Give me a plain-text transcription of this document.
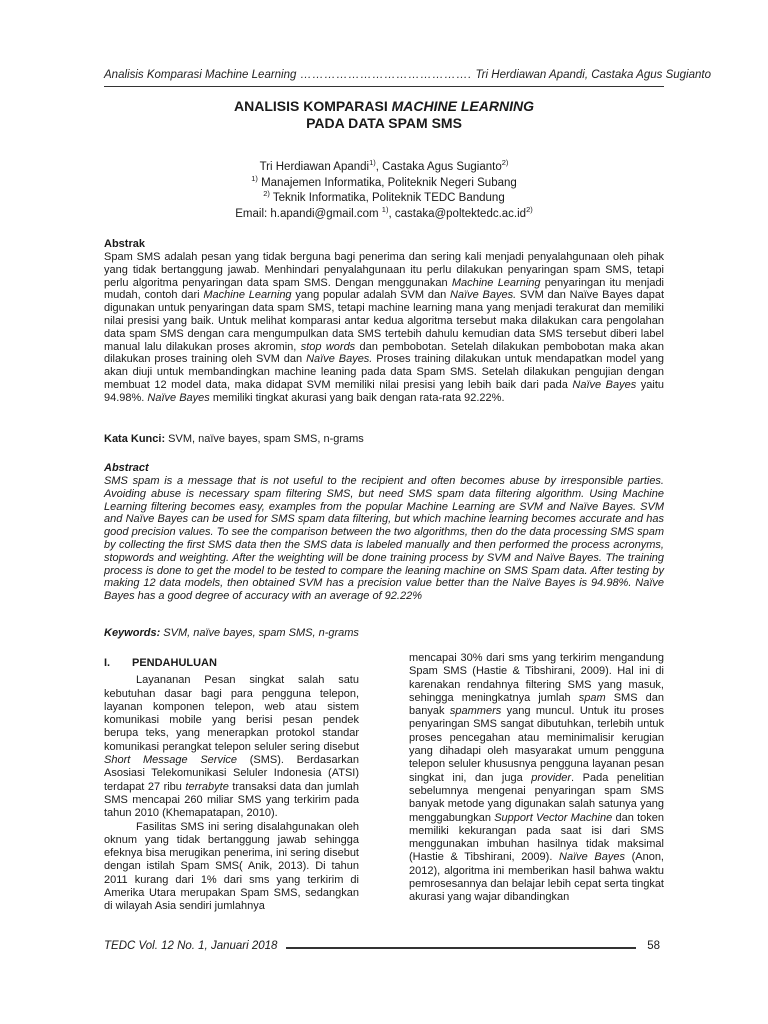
Analisis Komparasi Machine Learning ……………………………………. Tri Herdiawan Apandi, Castaka Agus Sugianto
ANALISIS KOMPARASI MACHINE LEARNING
PADA DATA SPAM SMS
Tri Herdiawan Apandi$^{1)}$, Castaka Agus Sugianto$^{2)}$
$^{1)}$ Manajemen Informatika, Politeknik Negeri Subang
$^{2)}$ Teknik Informatika, Politeknik TEDC Bandung
Email: h.apandi@gmail.com $^{1)}$, $castaka@poltektedc.ac.id^{2)}$
Abstrak

Spam SMS adalah pesan yang tidak berguna bagi penerima dan sering kali menjadi penyalahgunaan oleh pihak yang tidak bertanggung jawab. Menhindari penyalahgunaan itu perlu dilakukan penyaringan spam SMS, tetapi perlu algoritma penyaringan data spam SMS. Dengan menggunakan Machine Learning penyaringan itu menjadi mudah, contoh dari Machine Learning yang popular adalah SVM dan Naïve Bayes. SVM dan Naïve Bayes dapat digunakan untuk penyaringan data spam SMS, tetapi machine learning mana yang menjadi terakurat dan memiliki nilai presisi yang baik. Untuk melihat komparasi antar kedua algoritma tersebut maka dilakukan cara pengolahan data spam SMS dengan cara mengumpulkan data SMS tertebih dahulu kemudian data SMS tersebut diberi label manual lalu dilakukan proses akromin, stop words dan pembobotan. Setelah dilakukan pembobotan maka akan dilakukan proses training oleh SVM dan Naïve Bayes. Proses training dilakukan untuk mendapatkan model yang akan diuji untuk membandingkan machine leaning pada data Spam SMS. Setelah dilakukan pengujian dengan membuat 12 model data, maka didapat SVM memiliki nilai presisi yang lebih baik dari pada Naïve Bayes yaitu 94.98%. Naïve Bayes memiliki tingkat akurasi yang baik dengan rata-rata 92.22%.

Kata Kunci: SVM, naïve bayes, spam SMS, n-grams
Abstract

SMS spam is a message that is not useful to the recipient and often becomes abuse by irresponsible parties. Avoiding abuse is necessary spam filtering SMS, but need SMS spam data filtering algorithm. Using Machine Learning filtering becomes easy, examples from the popular Machine Learning are SVM and Naïve Bayes. SVM and Naïve Bayes can be used for SMS spam data filtering, but which machine learning becomes accurate and has good precision values. To see the comparison between the two algorithms, then do the data processing SMS spam by collecting the first SMS data then the SMS data is labeled manually and then performed the process acronyms, stopwords and weighting. After the weighting will be done training process by SVM and Naïve Bayes. The training process is done to get the model to be tested to compare the leaning machine on SMS Spam data. After testing by making 12 data models, then obtained SVM has a precision value better than the Naïve Bayes is 94.98%. Naïve Bayes has a good degree of accuracy with an average of 92.22%

Keywords: SVM, naïve bayes, spam SMS, n-grams
I.	PENDAHULUAN

Layananan Pesan singkat salah satu kebutuhan dasar bagi para pengguna telepon, layanan komponen telepon, web atau sistem komunikasi mobile yang berisi pesan pendek berupa teks, yang menerapkan protokol standar komunikasi perangkat telepon seluler sering disebut Short Message Service (SMS). Berdasarkan Asosiasi Telekomunikasi Seluler Indonesia (ATSI) terdapat 27 ribu terrabyte transaksi data dan jumlah SMS mencapai 260 miliar SMS yang terkirim pada tahun 2010 (Khemapatapan, 2010).

Fasilitas SMS ini sering disalahgunakan oleh oknum yang tidak bertanggung jawab sehingga efeknya bisa merugikan penerima, ini sering disebut dengan istilah Spam SMS( Anik, 2013). Di tahun 2011 kurang dari 1% dari sms yang terkirim di Amerika Utara merupakan Spam SMS, sedangkan di wilayah Asia sendiri jumlahnya

mencapai 30% dari sms yang terkirim mengandung Spam SMS (Hastie & Tibshirani, 2009). Hal ini di karenakan rendahnya filtering SMS yang masuk, sehingga meningkatnya jumlah spam SMS dan banyak spammers yang muncul. Untuk itu proses penyaringan SMS sangat dibutuhkan, terlebih untuk proses pencegahan atau meminimalisir kerugian yang dihadapi oleh masyarakat umum pengguna telepon seluler khususnya pengguna layanan pesan singkat ini, dan juga provider. Pada penelitian sebelumnya mengenai penyaringan spam SMS banyak metode yang digunakan salah satunya yang menggabungkan Support Vector Machine dan token memiliki kekurangan pada saat isi dari SMS menggunakan imbuhan hasilnya tidak maksimal (Hastie & Tibshirani, 2009). Naïve Bayes (Anon, 2012), algoritma ini memberikan hasil bahwa waktu pemrosesannya dan belajar lebih cepat serta tingkat akurasi yang wajar dibandingkan

TEDC Vol. 12 No. 1, Januari 2018	58
